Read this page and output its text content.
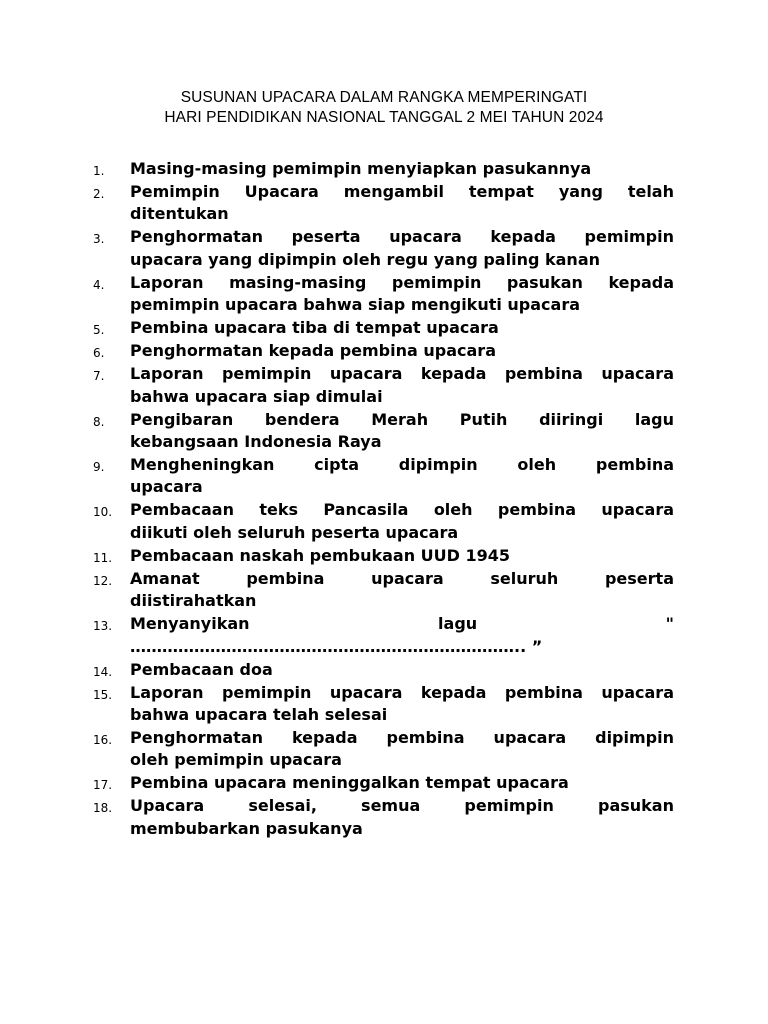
SUSUNAN UPACARA DALAM RANGKA MEMPERINGATI
HARI PENDIDIKAN NASIONAL TANGGAL 2 MEI TAHUN 2024
1. Masing-masing pemimpin menyiapkan pasukannya
2. Pemimpin Upacara mengambil tempat yang telah
ditentukan
3. Penghormatan peserta upacara kepada pemimpin
upacara yang dipimpin oleh regu yang paling kanan
4. Laporan masing-masing pemimpin pasukan kepada
pemimpin upacara bahwa siap mengikuti upacara
5. Pembina upacara tiba di tempat upacara
6. Penghormatan kepada pembina upacara
7. Laporan pemimpin upacara kepada pembina upacara
bahwa upacara siap dimulai
8. Pengibaran bendera Merah Putih diiringi lagu
kebangsaan Indonesia Raya
9. Mengheningkan cipta dipimpin oleh pembina
upacara
10. Pembacaan teks Pancasila oleh pembina upacara
diikuti oleh seluruh peserta upacara
11. Pembacaan naskah pembukaan UUD 1945
12. Amanat pembina upacara seluruh peserta
diistirahatkan
13. Menyanyikan lagu "
……………………………………………………………….. ”
14. Pembacaan doa
15. Laporan pemimpin upacara kepada pembina upacara
bahwa upacara telah selesai
16. Penghormatan kepada pembina upacara dipimpin
oleh pemimpin upacara
17. Pembina upacara meninggalkan tempat upacara
18. Upacara selesai, semua pemimpin pasukan
membubarkan pasukanya
